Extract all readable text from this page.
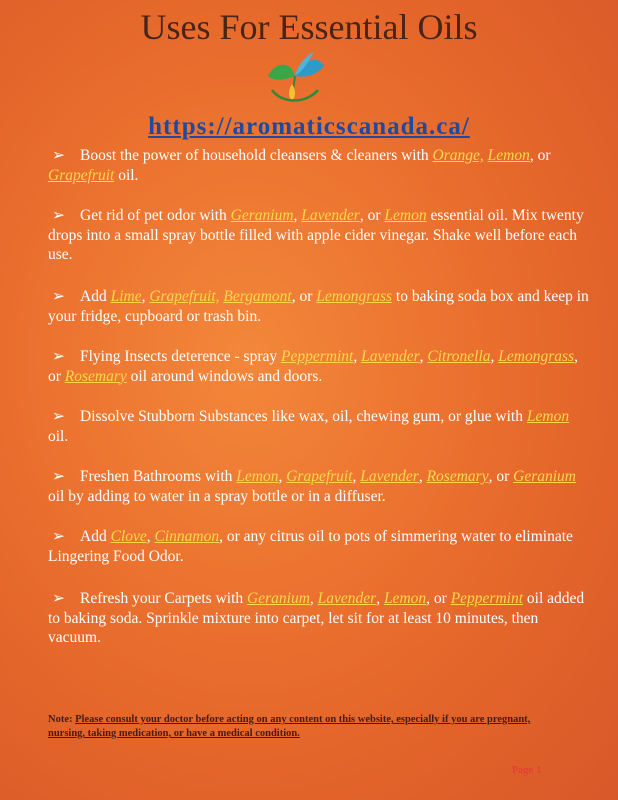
Uses For Essential Oils
https://aromaticscanada.ca/
➢ Boost the power of household cleansers & cleaners with Orange, Lemon, or Grapefruit oil.
➢ Get rid of pet odor with Geranium, Lavender, or Lemon essential oil. Mix twenty drops into a small spray bottle filled with apple cider vinegar. Shake well before each use.
➢ Add Lime, Grapefruit, Bergamont, or Lemongrass to baking soda box and keep in your fridge, cupboard or trash bin.
➢ Flying Insects deterence - spray Peppermint, Lavender, Citronella, Lemongrass, or Rosemary oil around windows and doors.
➢ Dissolve Stubborn Substances like wax, oil, chewing gum, or glue with Lemon oil.
➢ Freshen Bathrooms with Lemon, Grapefruit, Lavender, Rosemary, or Geranium oil by adding to water in a spray bottle or in a diffuser.
➢ Add Clove, Cinnamon, or any citrus oil to pots of simmering water to eliminate Lingering Food Odor.
➢ Refresh your Carpets with Geranium, Lavender, Lemon, or Peppermint oil added to baking soda. Sprinkle mixture into carpet, let sit for at least 10 minutes, then vacuum.
Note: Please consult your doctor before acting on any content on this website, especially if you are pregnant, nursing, taking medication, or have a medical condition.
Page 1
